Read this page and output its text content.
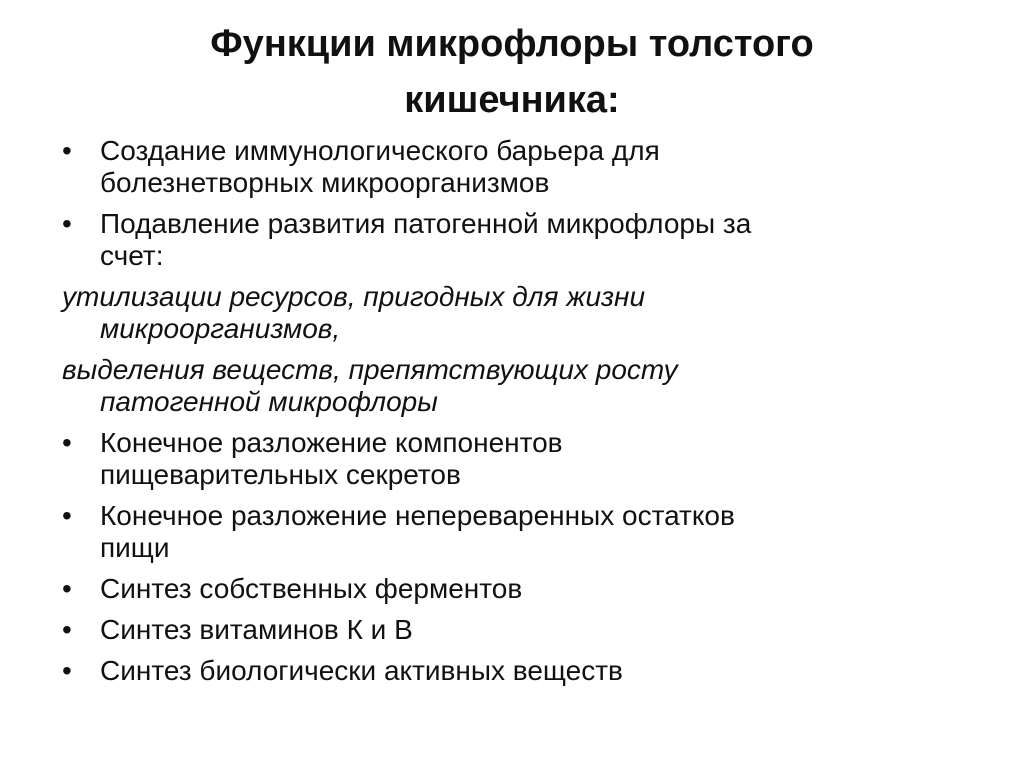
Функции микрофлоры толстого
кишечника:
•	Создание иммунологического барьера для
болезнетворных микроорганизмов
•	Подавление развития патогенной микрофлоры за
счет:
утилизации ресурсов, пригодных для жизни
микроорганизмов,
выделения веществ, препятствующих росту
патогенной микрофлоры
•	Конечное разложение компонентов
пищеварительных секретов
•	Конечное разложение непереваренных остатков
пищи
•	Синтез собственных ферментов
•	Синтез витаминов К и В
•	Синтез биологически активных веществ
